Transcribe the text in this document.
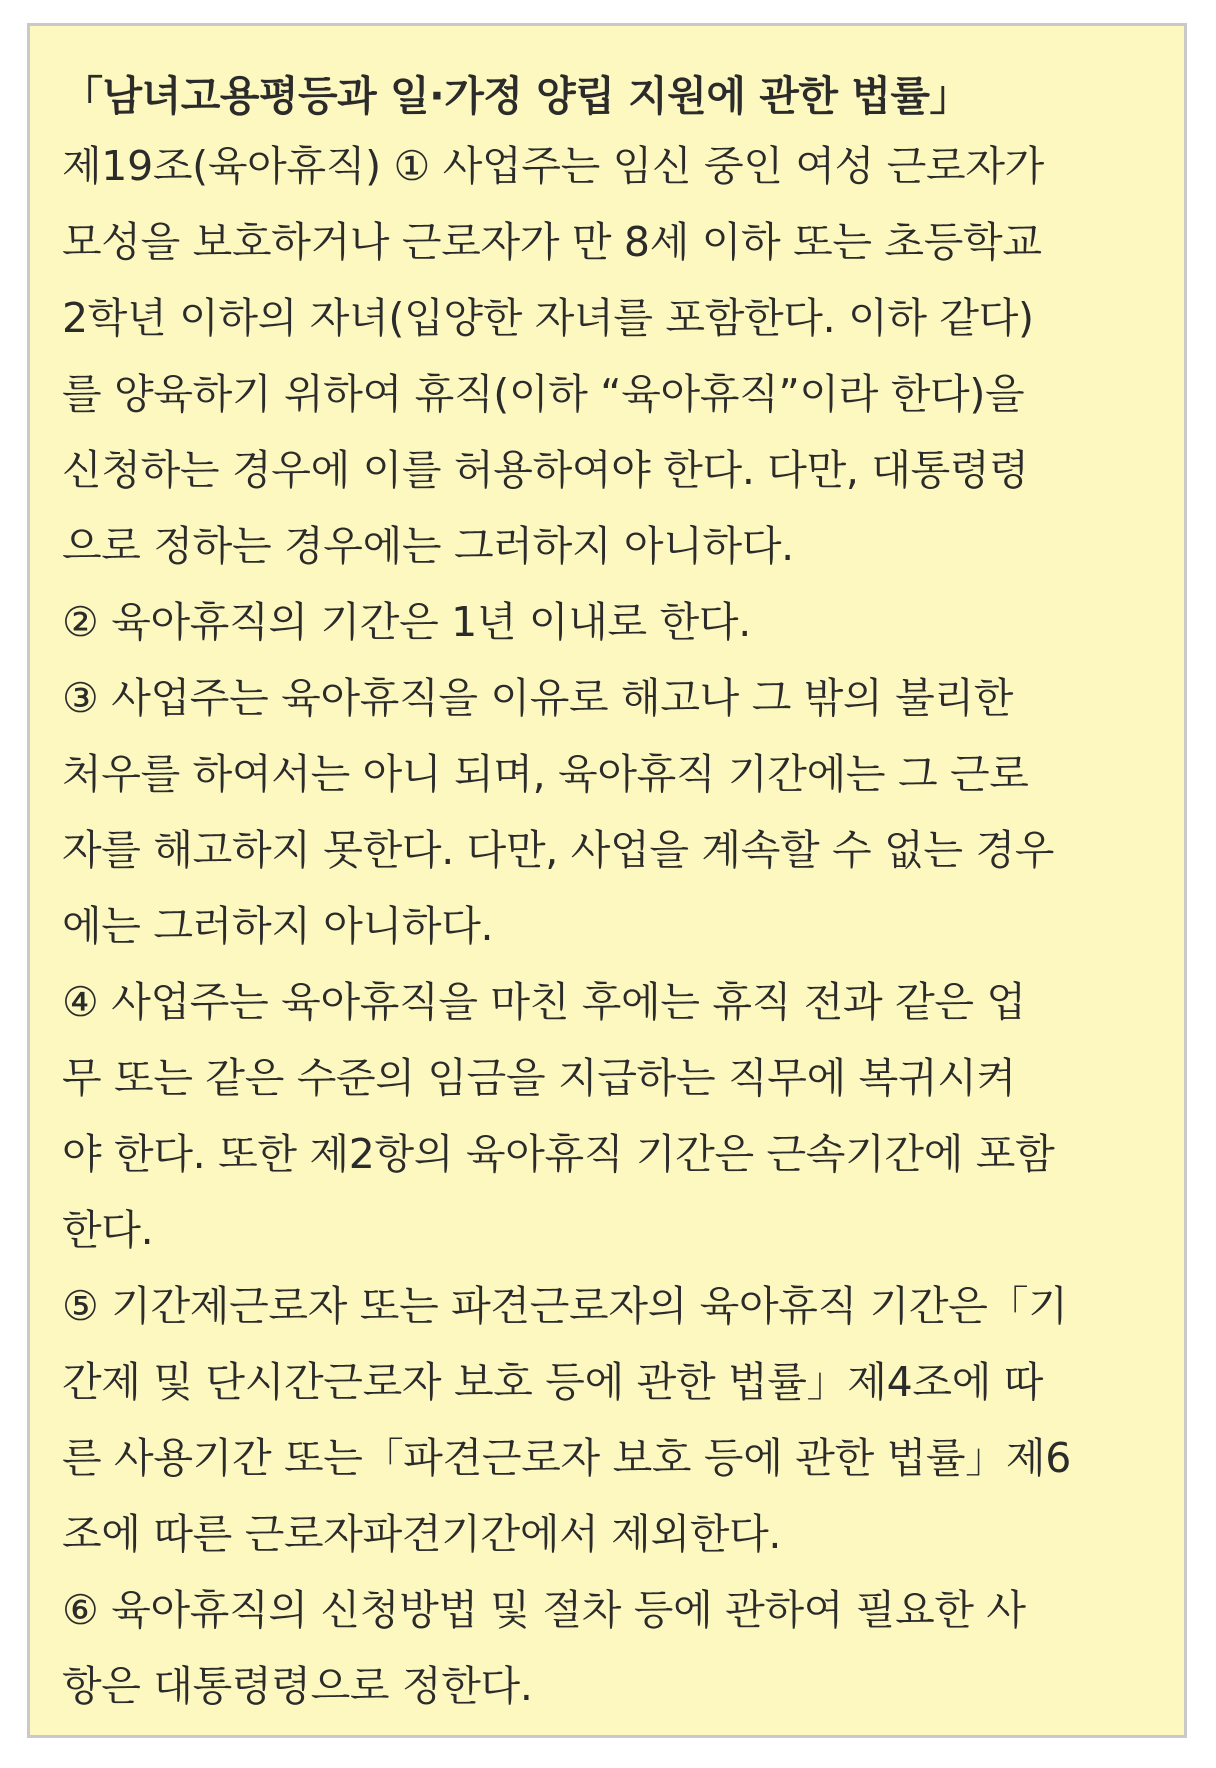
「남녀고용평등과 일·가정 양립 지원에 관한 법률」
제19조(육아휴직) ① 사업주는 임신 중인 여성 근로자가
모성을 보호하거나 근로자가 만 8세 이하 또는 초등학교
2학년 이하의 자녀(입양한 자녀를 포함한다. 이하 같다)
를 양육하기 위하여 휴직(이하 “육아휴직”이라 한다)을
신청하는 경우에 이를 허용하여야 한다. 다만, 대통령령
으로 정하는 경우에는 그러하지 아니하다.
② 육아휴직의 기간은 1년 이내로 한다.
③ 사업주는 육아휴직을 이유로 해고나 그 밖의 불리한
처우를 하여서는 아니 되며, 육아휴직 기간에는 그 근로
자를 해고하지 못한다. 다만, 사업을 계속할 수 없는 경우
에는 그러하지 아니하다.
④ 사업주는 육아휴직을 마친 후에는 휴직 전과 같은 업
무 또는 같은 수준의 임금을 지급하는 직무에 복귀시켜
야 한다. 또한 제2항의 육아휴직 기간은 근속기간에 포함
한다.
⑤ 기간제근로자 또는 파견근로자의 육아휴직 기간은「기
간제 및 단시간근로자 보호 등에 관한 법률」제4조에 따
른 사용기간 또는「파견근로자 보호 등에 관한 법률」제6
조에 따른 근로자파견기간에서 제외한다.
⑥ 육아휴직의 신청방법 및 절차 등에 관하여 필요한 사
항은 대통령령으로 정한다.
